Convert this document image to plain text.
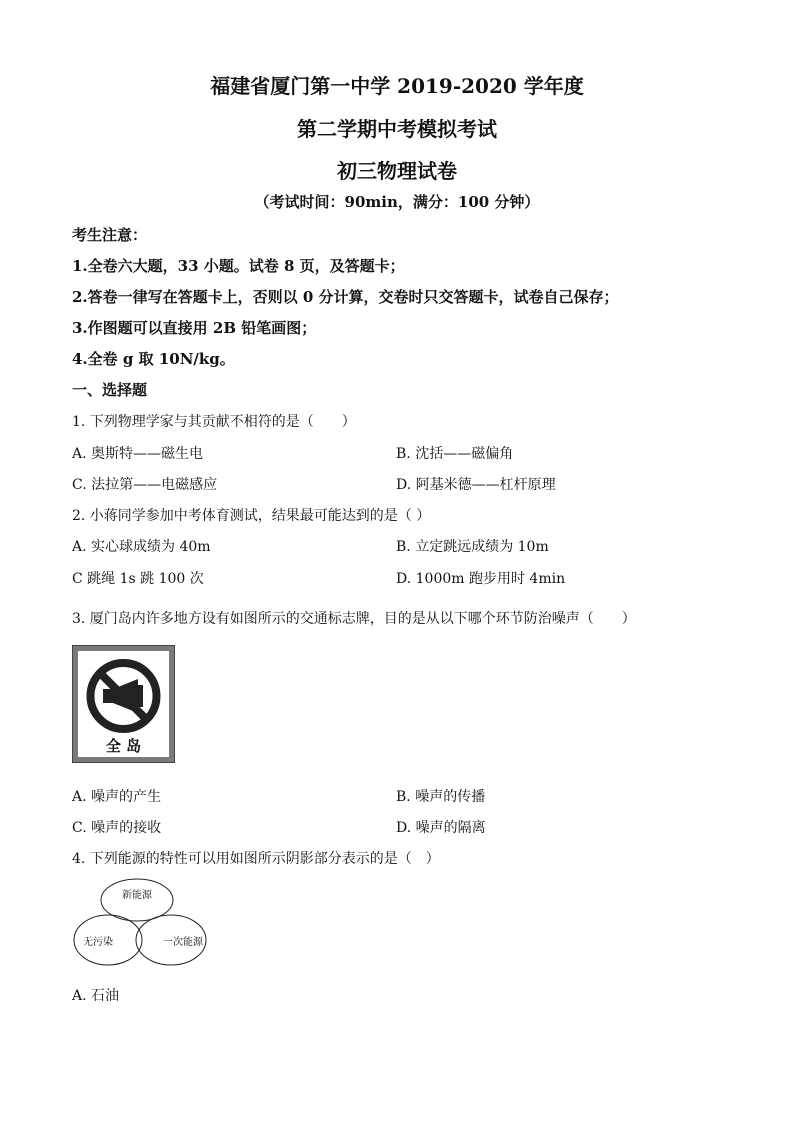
福建省厦门第一中学 2019-2020 学年度
第二学期中考模拟考试
初三物理试卷
（考试时间：90min，满分：100 分钟）
考生注意：
1.全卷六大题，33 小题。试卷 8 页，及答题卡；
2.答卷一律写在答题卡上，否则以 0 分计算，交卷时只交答题卡，试卷自己保存；
3.作图题可以直接用 2B 铅笔画图；
4.全卷 g 取 10N/kg。
一、选择题
1. 下列物理学家与其贡献不相符的是（　　）
A. 奥斯特——磁生电	B. 沈括——磁偏角
C. 法拉第——电磁感应	D. 阿基米德——杠杆原理
2. 小蒋同学参加中考体育测试，结果最可能达到的是（ ）
A. 实心球成绩为 40m	B. 立定跳远成绩为 10m
C 跳绳 1s 跳 100 次	D. 1000m 跑步用时 4min
3. 厦门岛内许多地方设有如图所示的交通标志牌，目的是从以下哪个环节防治噪声（　　）
全 岛
A. 噪声的产生	B. 噪声的传播
C. 噪声的接收	D. 噪声的隔离
4. 下列能源的特性可以用如图所示阴影部分表示的是（　）
新能源
无污染	一次能源
A. 石油
